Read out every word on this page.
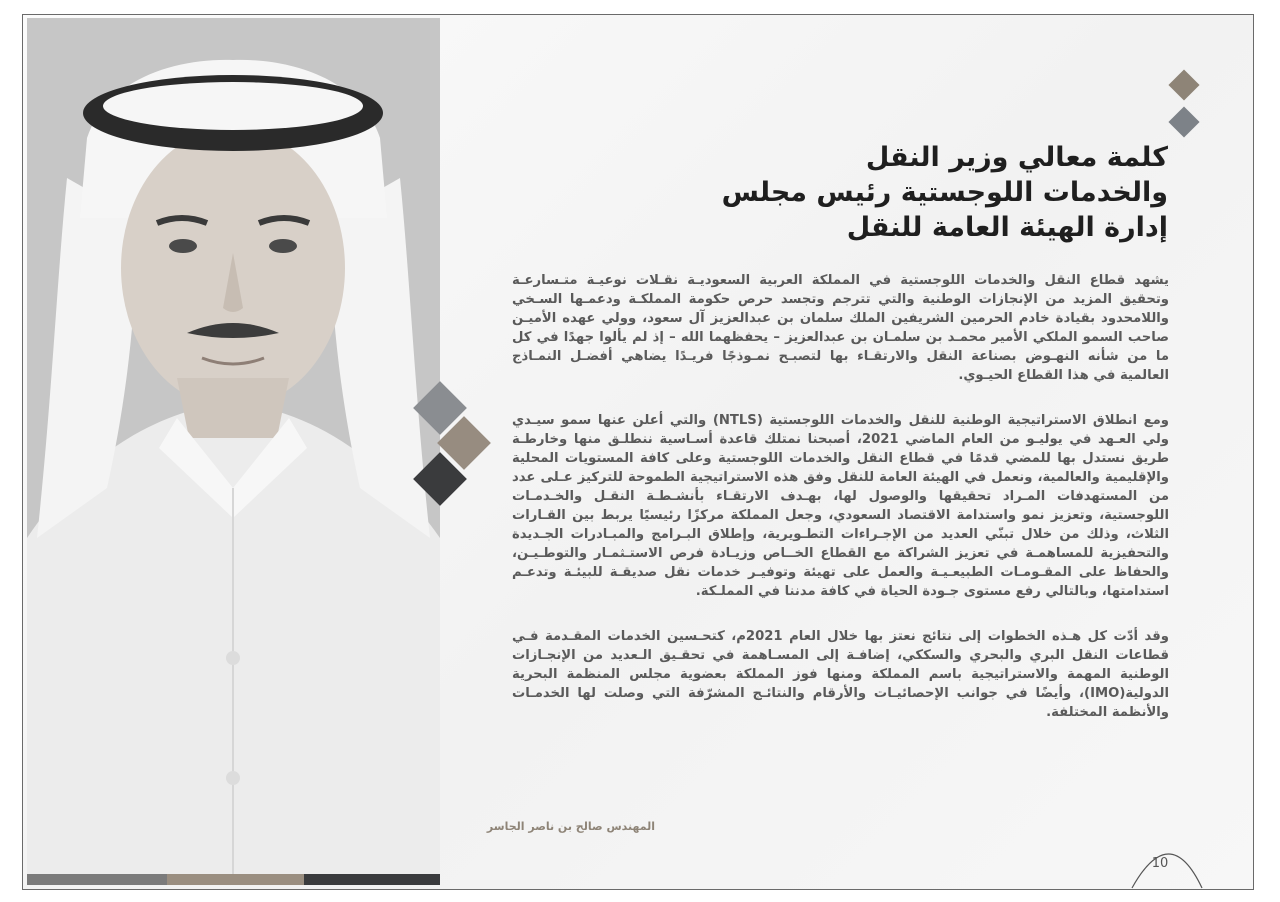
كلمة معالي وزير النقل
والخدمات اللوجستية رئيس مجلس
إدارة الهيئة العامة للنقل

يشهد قطاع النقل والخدمات اللوجستية في المملكة العربية السعوديـة نقـلات نوعيـة متـسارعـة وتحقيق المزيد من الإنجازات الوطنية والتي تترجم وتجسد حرص حكومة المملكـة ودعمـها السـخي واللامحدود بقيادة خادم الحرمين الشريفين الملك سلمان بن عبدالعزيز آل سعود، وولي عهده الأميـن صاحب السمو الملكي الأمير محمـد بن سلمـان بن عبدالعزيز – يحفظهما الله – إذ لم يألوا جهدًا في كل ما من شأنه النهـوض بصناعة النقل والارتقـاء بها لتصبـح نمـوذجًا فريـدًا يضاهي أفضـل النمـاذج العالمية في هذا القطاع الحيـوي.

ومع انطلاق الاستراتيجية الوطنية للنقل والخدمات اللوجستية (NTLS) والتي أعلن عنها سمو سيـدي ولي العـهد في يوليـو من العام الماضي 2021، أصبحنا نمتلك قاعدة أسـاسية ننطلـق منها وخارطـة طريق نستدل بها للمضي قدمًا في قطاع النقل والخدمات اللوجستية وعلى كافة المستويات المحلية والإقليمية والعالمية، ونعمل في الهيئة العامة للنقل وفق هذه الاستراتيجية الطموحة للتركيز عـلى عدد من المستهدفات المـراد تحقيقها والوصول لها، بهـدف الارتقـاء بأنشـطـة النقـل والخـدمـات اللوجستية، وتعزيز نمو واستدامة الاقتصاد السعودي، وجعل المملكة مركزًا رئيسيًا يربط بين القـارات الثلاث، وذلك من خلال تبنّي العديد من الإجـراءات التطـويرية، وإطلاق البـرامج والمبـادرات الجـديدة والتحفيزية للمساهمـة في تعزيز الشراكة مع القطاع الخــاص وزيـادة فرص الاستـثمـار والتوطـيـن، والحفاظ على المقـومـات الطبيعـيـة والعمل على تهيئة وتوفيـر خدمات نقل صديقـة للبيئـة وتدعـم استدامتها، وبالتالي رفع مستوى جـودة الحياة في كافة مدننا في المملـكة.

وقد أدّت كل هـذه الخطوات إلى نتائج نعتز بها خلال العام 2021م، كتحـسين الخدمات المقـدمة فـي قطاعات النقل البري والبحري والسككي، إضافـة إلى المسـاهمة في تحقـيق الـعديد من الإنجـازات الوطنية المهمة والاستراتيجية باسم المملكة ومنها فوز المملكة بعضوية مجلس المنظمة البحرية الدولية(IMO)، وأيضًا في جوانب الإحصائيـات والأرقام والنتائـج المشرّفة التي وصلت لها الخدمـات والأنظمة المختلفة.

المهندس صالح بن ناصر الجاسر
10
